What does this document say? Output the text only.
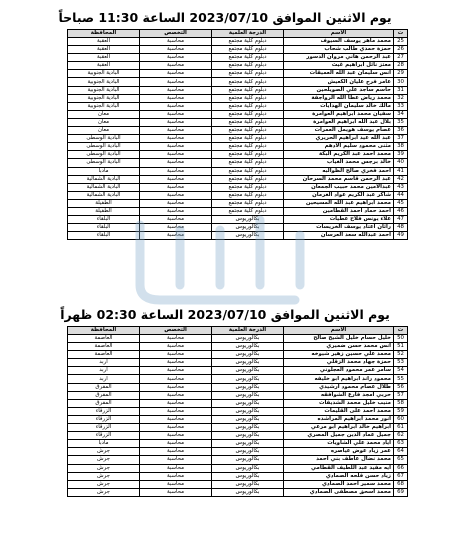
يوم الاثنين الموافق 2023/07/10 الساعة 11:30 صباحاً
ت	الاسم	الدرجة العلمية	التخصص	المحافظة
25	محمد ماهر يوسف السيوف	دبلوم كلية مجتمع	محاسبة	العقبة
26	حمزة حمدي طالب شحاب	دبلوم كلية مجتمع	محاسبة	العقبة
27	عبد الرحمن هاني مروان الدسور	دبلوم كلية مجتمع	محاسبة	العقبة
28	معتز نائل ابراهيم غيث	دبلوم كلية مجتمع	محاسبة	العقبة
29	انس سليمان عبد الله العميقات	دبلوم كلية مجتمع	محاسبة	البادية الجنوبية
30	عامر فرج عليان الكعيش	دبلوم كلية مجتمع	محاسبة	البادية الجنوبية
31	حاسم ساجد علي الصويلحين	دبلوم كلية مجتمع	محاسبة	البادية الجنوبية
32	محمد رياض عطا الله الرواجفة	دبلوم كلية مجتمع	محاسبة	البادية الجنوبية
33	مالك خالد سليمان الهدايات	دبلوم كلية مجتمع	محاسبة	البادية الجنوبية
34	سفيان محمد ابراهيم العوامرة	دبلوم كلية مجتمع	محاسبة	معان
35	بلال عبد الله ابراهيم العوامرة	دبلوم كلية مجتمع	محاسبة	معان
36	عصام يوسف هويمل العمرات	دبلوم كلية مجتمع	محاسبة	معان
37	عبد الله عيد ابراهيم الحريري	دبلوم كلية مجتمع	محاسبة	البادية الوسطى
38	مثنى محمود سليم الادهم	دبلوم كلية مجتمع	محاسبة	البادية الوسطى
39	محمد احمد عبد الكريم البكة	دبلوم كلية مجتمع	محاسبة	البادية الوسطى
40	خالد برجس محمد الغياب	دبلوم كلية مجتمع	محاسبة	البادية الوسطى
41	احمد فخري صالح الظوالبه	دبلوم كلية مجتمع	محاسبة	مادبا
42	عبد الرحمن قاسم محمد السرحان	دبلوم كلية مجتمع	محاسبة	البادية الشمالية
43	عبدالامين محمد حبيب الجمعان	دبلوم كلية مجتمع	محاسبة	البادية الشمالية
44	شاكر عبد الكريم عواد الغرمان	دبلوم كلية مجتمع	محاسبة	البادية الشمالية
45	محمد ابراهيم عبد الله المسيحين	دبلوم كلية مجتمع	محاسبة	الطفيلة
46	احمد حماد احمد القطامين	دبلوم كلية مجتمع	محاسبة	الطفيلة
47	علاء يونس فلاح عطيات	بكالوريوس	محاسبة	البلقاء
48	رائان اعتاد يوسف الخريسات	بكالوريوس	محاسبة	البلقاء
49	احمد عبدالله سعد العرسان	بكالوريوس	محاسبة	البلقاء
يوم الاثنين الموافق 2023/07/10 الساعة 02:30 ظهراً
ت	الاسم	الدرجة العلمية	التخصص	المحافظة
50	خليل حسام خليل الشيخ صالح	بكالوريوس	محاسبة	العاصمة
51	انس محمد حسن ضميري	بكالوريوس	محاسبة	العاصمة
52	محمد علي حسين زهير شيوخه	بكالوريوس	محاسبة	العاصمة
53	حمزة جهاد محمد الزقلي	بكالوريوس	محاسبة	اربد
54	سامر عمر محمود العجلوني	بكالوريوس	محاسبة	اربد
55	محمود راند ابراهيم ابو خليفه	بكالوريوس	محاسبة	اربد
56	طلال عصام محمود ارشيدي	بكالوريوس	محاسبة	المفرق
57	حربي امجد فارع الشوافقه	بكالوريوس	محاسبة	المفرق
58	منيب خليل محمد الشديفات	بكالوريوس	محاسبة	المفرق
59	محمد احمد على القليمات	بكالوريوس	محاسبة	الزرقاء
60	انور محمد ابراهيم المراشده	بكالوريوس	محاسبة	الزرقاء
61	ابراهيم خالد ابراهيم ابو مرعي	بكالوريوس	محاسبة	الزرقاء
62	جميل عماد الدين جميل المصري	بكالوريوس	محاسبة	الزرقاء
63	اياد محمد علي الشاويات	بكالوريوس	محاسبة	مادبا
64	عمر زياد عوض عياصره	بكالوريوس	محاسبة	جرش
65	محمد نضال عاطف بني احمد	بكالوريوس	محاسبة	جرش
66	ايه مفيد عبد اللطيف القطامي	بكالوريوس	محاسبة	جرش
67	زياد حسن فلحه الصمادي	بكالوريوس	محاسبة	جرش
68	محمد سمير احمد الصمادي	بكالوريوس	محاسبة	جرش
69	محمد اسحق مصطفى الصمادي	بكالوريوس	محاسبة	جرش
